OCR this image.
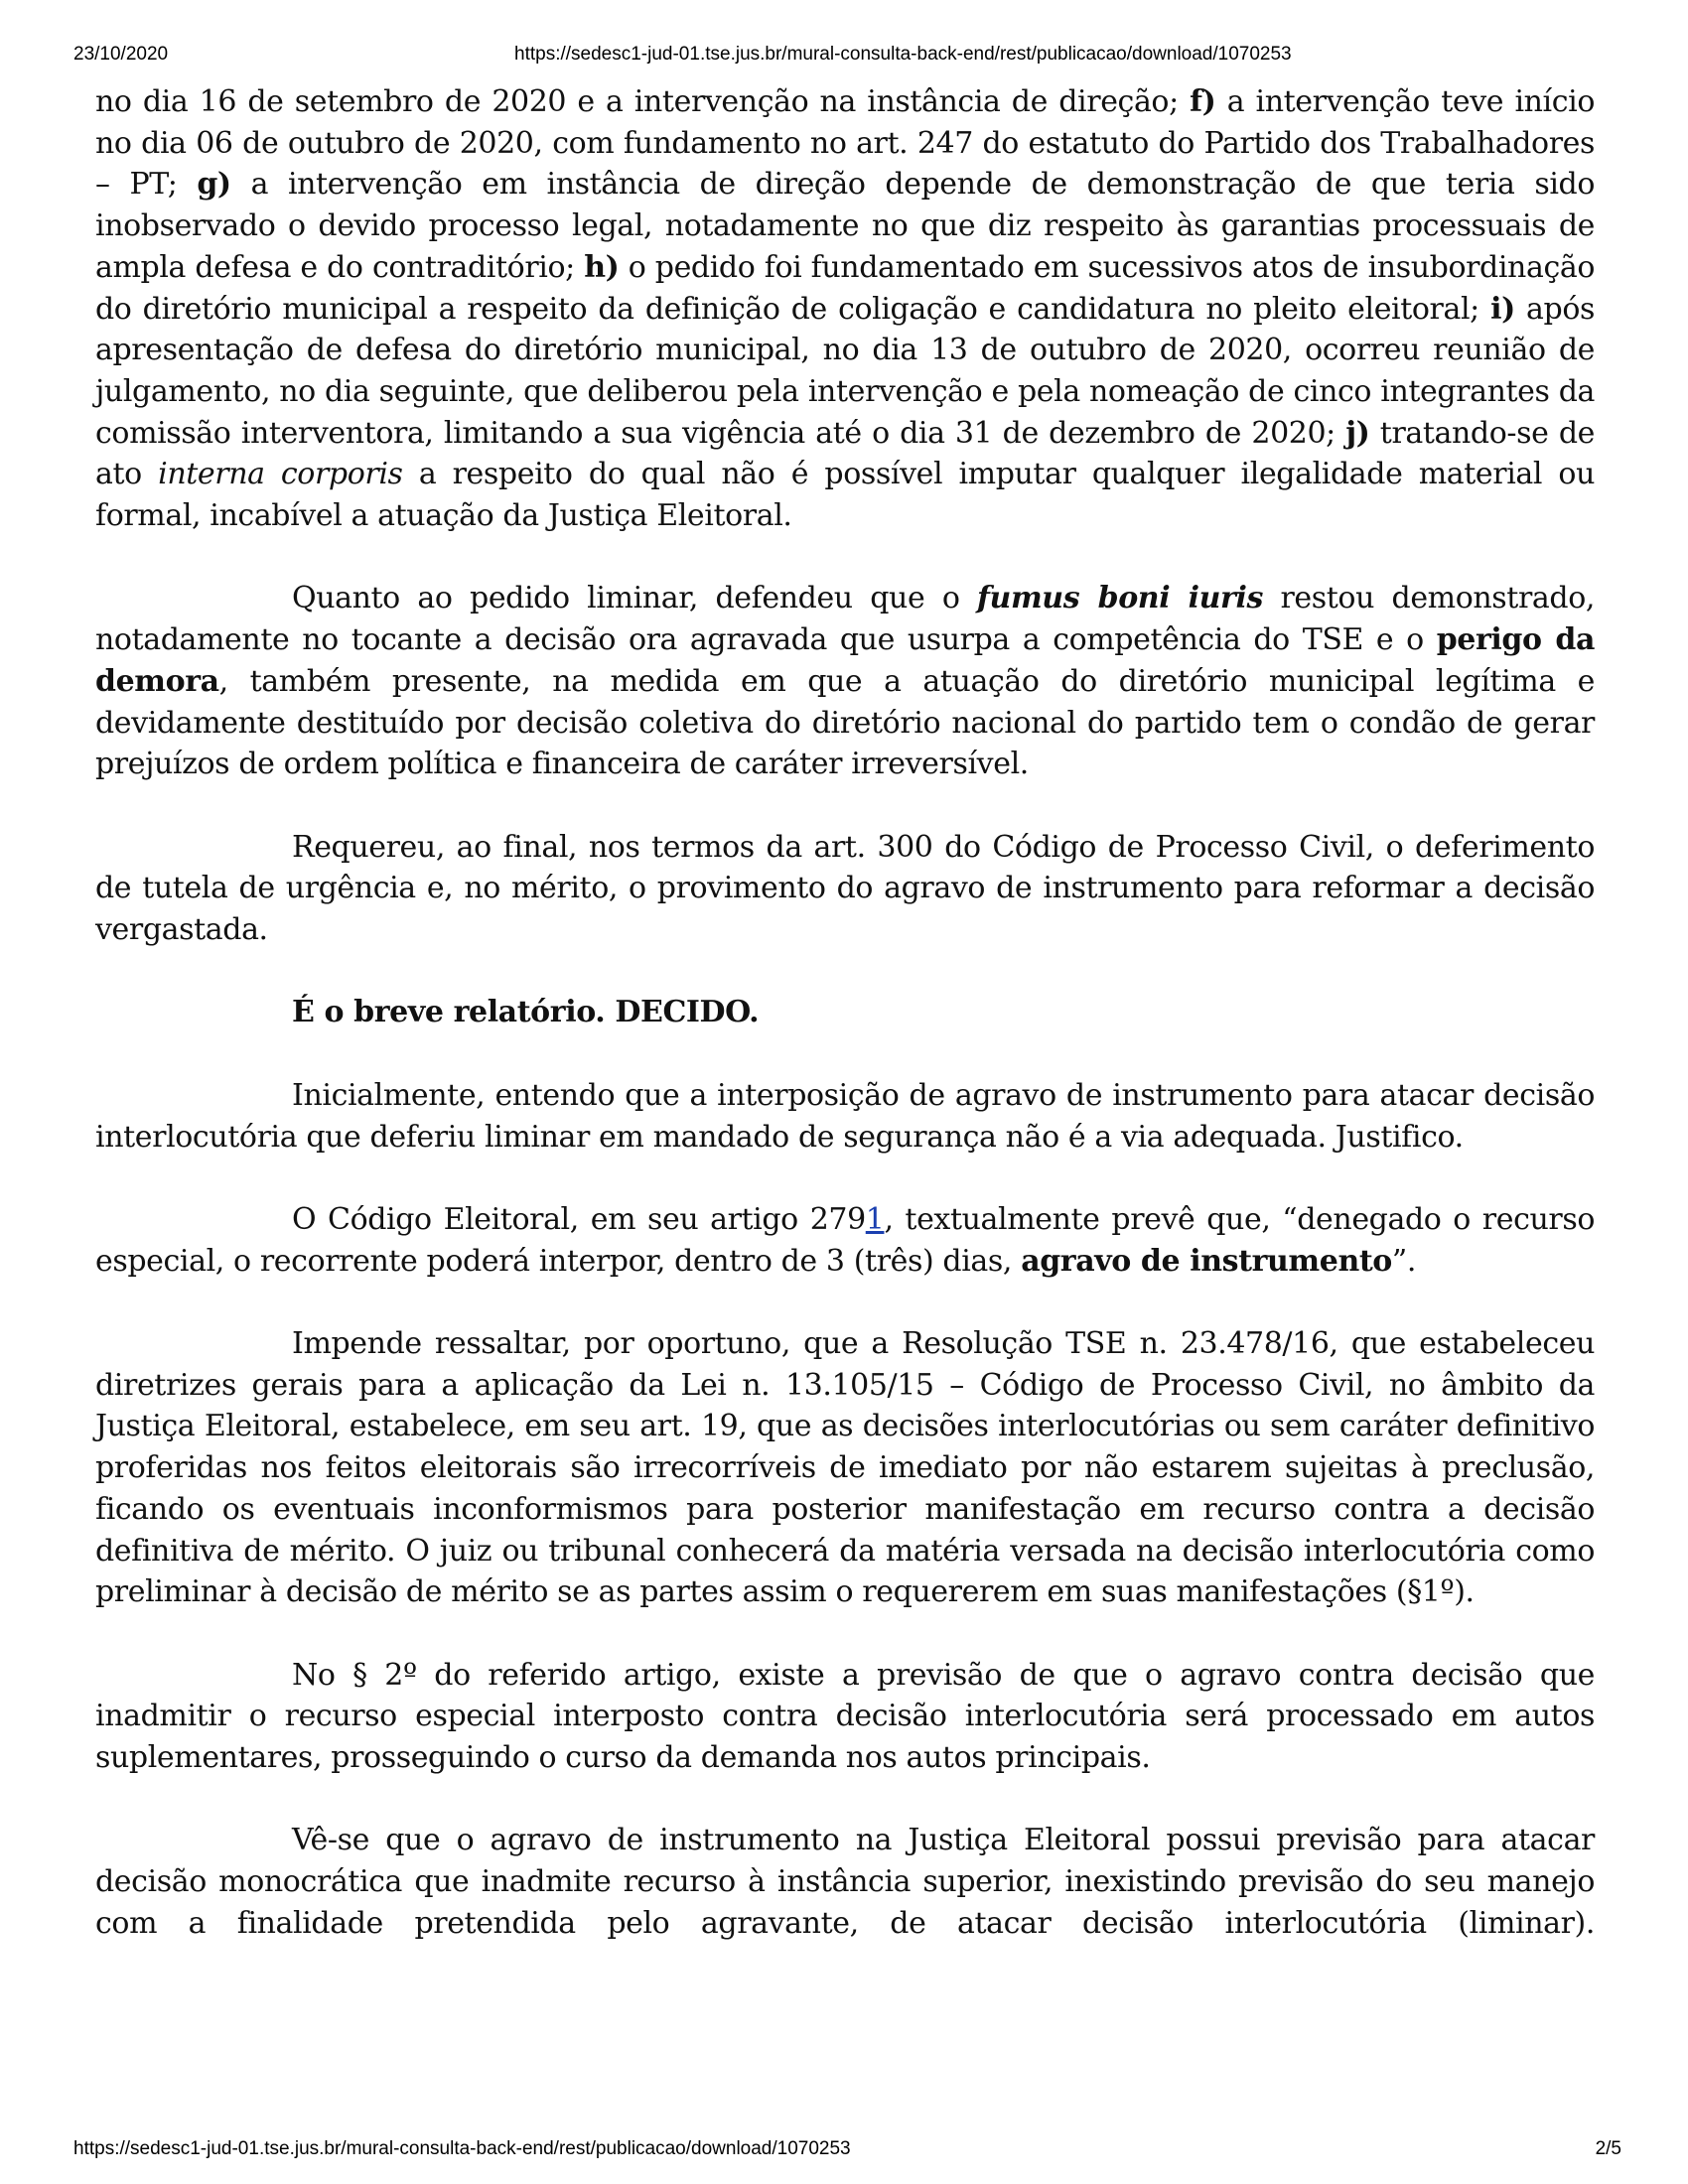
23/10/2020	https://sedesc1-jud-01.tse.jus.br/mural-consulta-back-end/rest/publicacao/download/1070253

no dia 16 de setembro de 2020 e a intervenção na instância de direção; f) a intervenção teve início no dia 06 de outubro de 2020, com fundamento no art. 247 do estatuto do Partido dos Trabalhadores – PT; g) a intervenção em instância de direção depende de demonstração de que teria sido inobservado o devido processo legal, notadamente no que diz respeito às garantias processuais de ampla defesa e do contraditório; h) o pedido foi fundamentado em sucessivos atos de insubordinação do diretório municipal a respeito da definição de coligação e candidatura no pleito eleitoral; i) após apresentação de defesa do diretório municipal, no dia 13 de outubro de 2020, ocorreu reunião de julgamento, no dia seguinte, que deliberou pela intervenção e pela nomeação de cinco integrantes da comissão interventora, limitando a sua vigência até o dia 31 de dezembro de 2020; j) tratando-se de ato interna corporis a respeito do qual não é possível imputar qualquer ilegalidade material ou formal, incabível a atuação da Justiça Eleitoral.

Quanto ao pedido liminar, defendeu que o fumus boni iuris restou demonstrado, notadamente no tocante a decisão ora agravada que usurpa a competência do TSE e o perigo da demora, também presente, na medida em que a atuação do diretório municipal legítima e devidamente destituído por decisão coletiva do diretório nacional do partido tem o condão de gerar prejuízos de ordem política e financeira de caráter irreversível.

Requereu, ao final, nos termos da art. 300 do Código de Processo Civil, o deferimento de tutela de urgência e, no mérito, o provimento do agravo de instrumento para reformar a decisão vergastada.

É o breve relatório. DECIDO.

Inicialmente, entendo que a interposição de agravo de instrumento para atacar decisão interlocutória que deferiu liminar em mandado de segurança não é a via adequada. Justifico.

O Código Eleitoral, em seu artigo 2791, textualmente prevê que, “denegado o recurso especial, o recorrente poderá interpor, dentro de 3 (três) dias, agravo de instrumento”.

Impende ressaltar, por oportuno, que a Resolução TSE n. 23.478/16, que estabeleceu diretrizes gerais para a aplicação da Lei n. 13.105/15 – Código de Processo Civil, no âmbito da Justiça Eleitoral, estabelece, em seu art. 19, que as decisões interlocutórias ou sem caráter definitivo proferidas nos feitos eleitorais são irrecorríveis de imediato por não estarem sujeitas à preclusão, ficando os eventuais inconformismos para posterior manifestação em recurso contra a decisão definitiva de mérito. O juiz ou tribunal conhecerá da matéria versada na decisão interlocutória como preliminar à decisão de mérito se as partes assim o requererem em suas manifestações (§1º).

No § 2º do referido artigo, existe a previsão de que o agravo contra decisão que inadmitir o recurso especial interposto contra decisão interlocutória será processado em autos suplementares, prosseguindo o curso da demanda nos autos principais.

Vê-se que o agravo de instrumento na Justiça Eleitoral possui previsão para atacar decisão monocrática que inadmite recurso à instância superior, inexistindo previsão do seu manejo com a finalidade pretendida pelo agravante, de atacar decisão interlocutória (liminar).

https://sedesc1-jud-01.tse.jus.br/mural-consulta-back-end/rest/publicacao/download/1070253	2/5
